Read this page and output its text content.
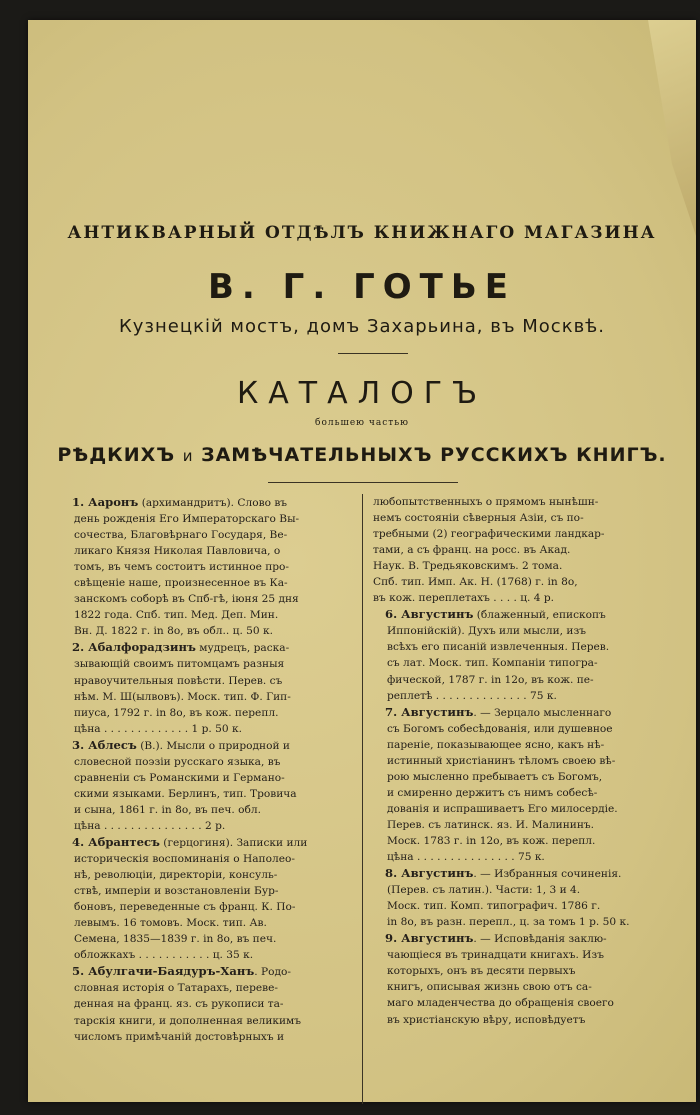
АНТИКВАРНЫЙ ОТДѢЛЪ КНИЖНАГО МАГАЗИНА
В. Г. ГОТЬЕ
Кузнецкій мостъ, домъ Захарьина, въ Москвѣ.
КАТАЛОГЪ
большею частью
РѢДКИХЪ и ЗАМѢЧАТЕЛЬНЫХЪ РУССКИХЪ КНИГЪ.
1. Ааронъ (архимандритъ). Слово въ
день рожденія Его Императорскаго Вы-
сочества, Благовѣрнаго Государя, Ве-
ликаго Князя Николая Павловича, о
томъ, въ чемъ состоитъ истинное про-
свѣщеніе наше, произнесенное въ Ка-
занскомъ соборѣ въ Спб-гѣ, іюня 25 дня
1822 года. Спб. тип. Мед. Деп. Мин.
Вн. Д. 1822 г. in 8о, въ обл.. ц. 50 к.
2. Абалфорадзинъ мудрецъ, раска-
зывающій своимъ питомцамъ разныя
нравоучительныя повѣсти. Перев. съ
нѣм. М. Ш(ылвовъ). Моск. тип. Ф. Гип-
пиуса, 1792 г. in 8о, въ кож. перепл.
цѣна . . . . . . . . . . . . . 1 р. 50 к.
3. Аблесъ (В.). Мысли о природной и
словесной поэзіи русскаго языка, въ
сравненіи съ Романскими и Германо-
скими языками. Берлинъ, тип. Тровича
и сына, 1861 г. in 8о, въ печ. обл.
цѣна . . . . . . . . . . . . . . . 2 р.
4. Абрантесъ (герцогиня). Записки или
историческія воспоминанія о Наполео-
нѣ, революціи, директоріи, консуль-
ствѣ, имперіи и возстановленіи Бур-
боновъ, переведенные съ франц. К. По-
левымъ. 16 томовъ. Моск. тип. Ав.
Семена, 1835—1839 г. in 8о, въ печ.
обложкахъ . . . . . . . . . . . ц. 35 к.
5. Абулгачи-Баядуръ-Ханъ. Родо-
словная исторія о Татарахъ, переве-
денная на франц. яз. съ рукописи та-
тарскія книги, и дополненная великимъ
числомъ примѣчаній достовѣрныхъ и
любопытственныхъ о прямомъ нынѣшн-
немъ состояніи сѣверныя Азіи, съ по-
требными (2) географическими ландкар-
тами, а съ франц. на росс. въ Акад.
Наук. В. Тредьяковскимъ. 2 тома.
Спб. тип. Имп. Ак. Н. (1768) г. in 8о,
въ кож. переплетахъ . . . . ц. 4 р.
6. Августинъ (блаженный, епископъ
Иппонійскій). Духъ или мысли, изъ
всѣхъ его писаній извлеченныя. Перев.
съ лат. Моск. тип. Компаніи типогра-
фической, 1787 г. in 12о, въ кож. пе-
реплетѣ . . . . . . . . . . . . . . 75 к.
7. Августинъ. — Зерцало мысленнаго
съ Богомъ собесѣдованія, или душевное
пареніе, показывающее ясно, какъ нѣ-
истинный христіанинъ тѣломъ своею вѣ-
рою мысленно пребываетъ съ Богомъ,
и смиренно держитъ съ нимъ собесѣ-
дованія и испрашиваетъ Его милосердіе.
Перев. съ латинск. яз. И. Малининъ.
Моск. 1783 г. in 12о, въ кож. перепл.
цѣна . . . . . . . . . . . . . . . 75 к.
8. Августинъ. — Избранныя сочиненія.
(Перев. съ латин.). Части: 1, 3 и 4.
Моск. тип. Комп. типографич. 1786 г.
in 8о, въ разн. перепл., ц. за томъ 1 р. 50 к.
9. Августинъ. — Исповѣданія заклю-
чающіеся въ тринадцати книгахъ. Изъ
которыхъ, онъ въ десяти первыхъ
книгъ, описывая жизнь свою отъ са-
маго младенчества до обращенія своего
въ христіанскую вѣру, исповѣдуетъ
